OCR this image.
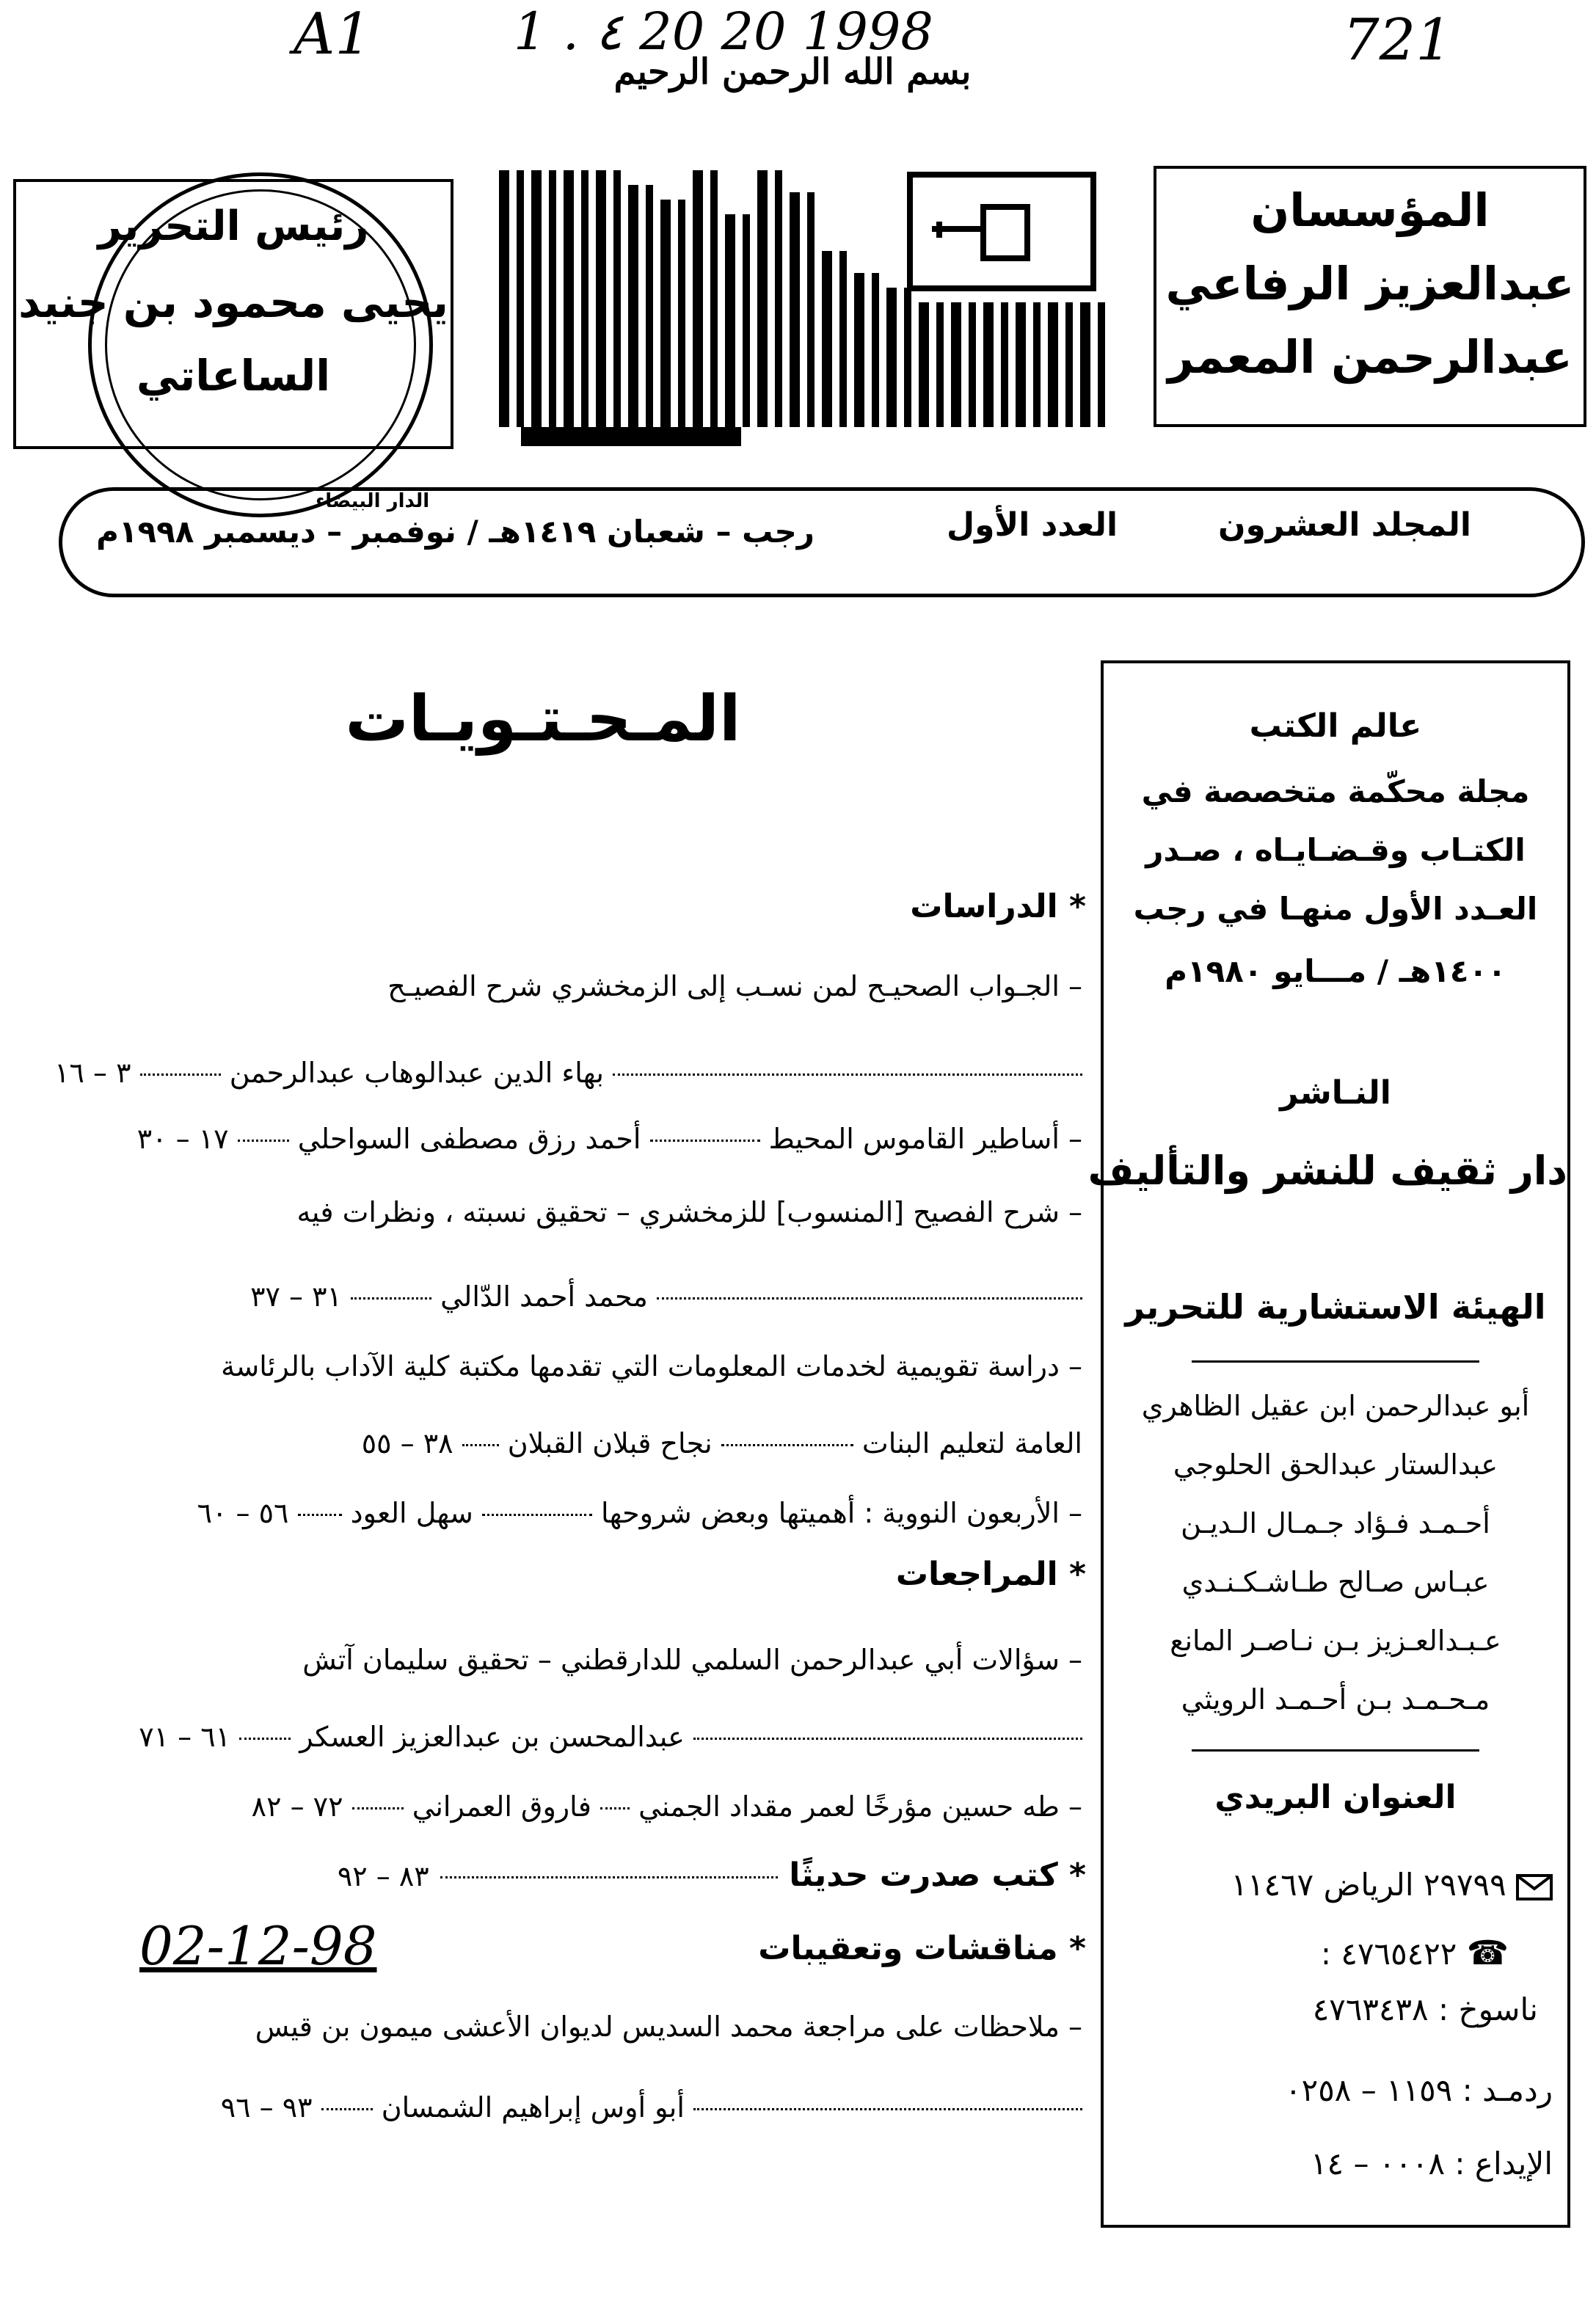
A1	1 . ٤ 20 20 1998	721
بسم الله الرحمن الرحيم
رئيس التحرير
يحيى محمود بن جنيد
الساعاتي
الدار البيضاء
المؤسسان
عبدالعزيز الرفاعي
عبدالرحمن المعمر
المجلد العشرون
العدد الأول
رجب – شعبان ١٤١٩هـ / نوفمبر – ديسمبر ١٩٩٨م
المـحـتـويـات
* الدراسات
– الجـواب الصحيـح لمن نسـب إلى الزمخشري شرح الفصيـح
بهاء الدين عبدالوهاب عبدالرحمن  ٣ – ١٦
– أساطير القاموس المحيط  أحمد رزق مصطفى السواحلي  ١٧ – ٣٠
– شرح الفصيح [المنسوب] للزمخشري – تحقيق نسبته ، ونظرات فيه
محمد أحمد الدّالي  ٣١ – ٣٧
– دراسة تقويمية لخدمات المعلومات التي تقدمها مكتبة كلية الآداب بالرئاسة
العامة لتعليم البنات  نجاح قبلان القبلان  ٣٨ – ٥٥
– الأربعون النووية : أهميتها وبعض شروحها  سهل العود  ٥٦ – ٦٠
* المراجعات
– سؤالات أبي عبدالرحمن السلمي للدارقطني – تحقيق سليمان آتش
عبدالمحسن بن عبدالعزيز العسكر  ٦١ – ٧١
– طه حسين مؤرخًا لعمر مقداد الجمني  فاروق العمراني  ٧٢ – ٨٢
* كتب صدرت حديثًا  ٨٣ – ٩٢
02-12-98	* مناقشات وتعقيبات
– ملاحظات على مراجعة محمد السديس لديوان الأعشى ميمون بن قيس
أبو أوس إبراهيم الشمسان  ٩٣ – ٩٦
عالم الكتب
مجلة محكّمة متخصصة في
الكتـاب وقـضـايـاه ، صـدر
العـدد الأول منهـا في رجب
١٤٠٠هـ / مـــايو ١٩٨٠م
النـاشر
دار ثقيف للنشر والتأليف
الهيئة الاستشارية للتحرير
أبو عبدالرحمن ابن عقيل الظاهري
عبدالستار عبدالحق الحلوجي
أحـمـد فـؤاد جـمـال الـديـن
عبـاس صـالح طـاشـكـنـدي
عـبـدالعـزيز بـن نـاصـر المانع
مـحـمـد بـن أحـمـد الرويثي
العنوان البريدي
٢٩٧٩٩ الرياض ١١٤٦٧
☎ ٤٧٦٥٤٢٢ :
ناسوخ : ٤٧٦٣٤٣٨
ردمـد : ١١٥٩ – ٠٢٥٨
الإيداع : ٠٠٠٨ – ١٤
